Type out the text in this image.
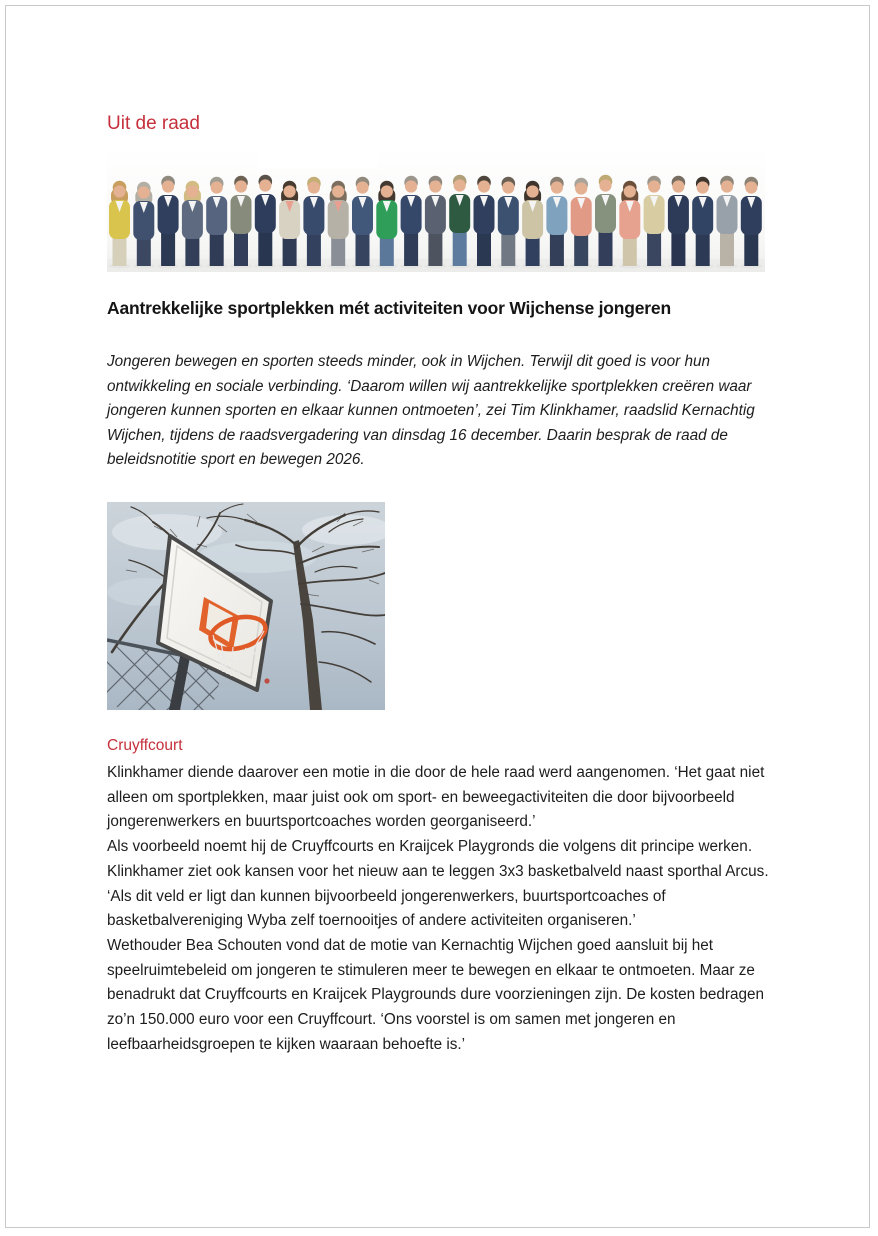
Uit de raad
Aantrekkelijke sportplekken mét activiteiten voor Wijchense jongeren

Jongeren bewegen en sporten steeds minder, ook in Wijchen. Terwijl dit goed is voor hun ontwikkeling en sociale verbinding. ‘Daarom willen wij aantrekkelijke sportplekken creëren waar jongeren kunnen sporten en elkaar kunnen ontmoeten’, zei Tim Klinkhamer, raadslid Kernachtig Wijchen, tijdens de raadsvergadering van dinsdag 16 december. Daarin besprak de raad de beleidsnotitie sport en bewegen 2026.

Cruyffcourt

Klinkhamer diende daarover een motie in die door de hele raad werd aangenomen. ‘Het gaat niet alleen om sportplekken, maar juist ook om sport- en beweegactiviteiten die door bijvoorbeeld jongerenwerkers en buurtsportcoaches worden georganiseerd.’

Als voorbeeld noemt hij de Cruyffcourts en Kraijcek Playgronds die volgens dit principe werken. Klinkhamer ziet ook kansen voor het nieuw aan te leggen 3x3 basketbalveld naast sporthal Arcus. ‘Als dit veld er ligt dan kunnen bijvoorbeeld jongerenwerkers, buurtsportcoaches of basketbalvereniging Wyba zelf toernooitjes of andere activiteiten organiseren.’

Wethouder Bea Schouten vond dat de motie van Kernachtig Wijchen goed aansluit bij het speelruimtebeleid om jongeren te stimuleren meer te bewegen en elkaar te ontmoeten. Maar ze benadrukt dat Cruyffcourts en Kraijcek Playgrounds dure voorzieningen zijn. De kosten bedragen zo’n 150.000 euro voor een Cruyffcourt. ‘Ons voorstel is om samen met jongeren en leefbaarheidsgroepen te kijken waaraan behoefte is.’
